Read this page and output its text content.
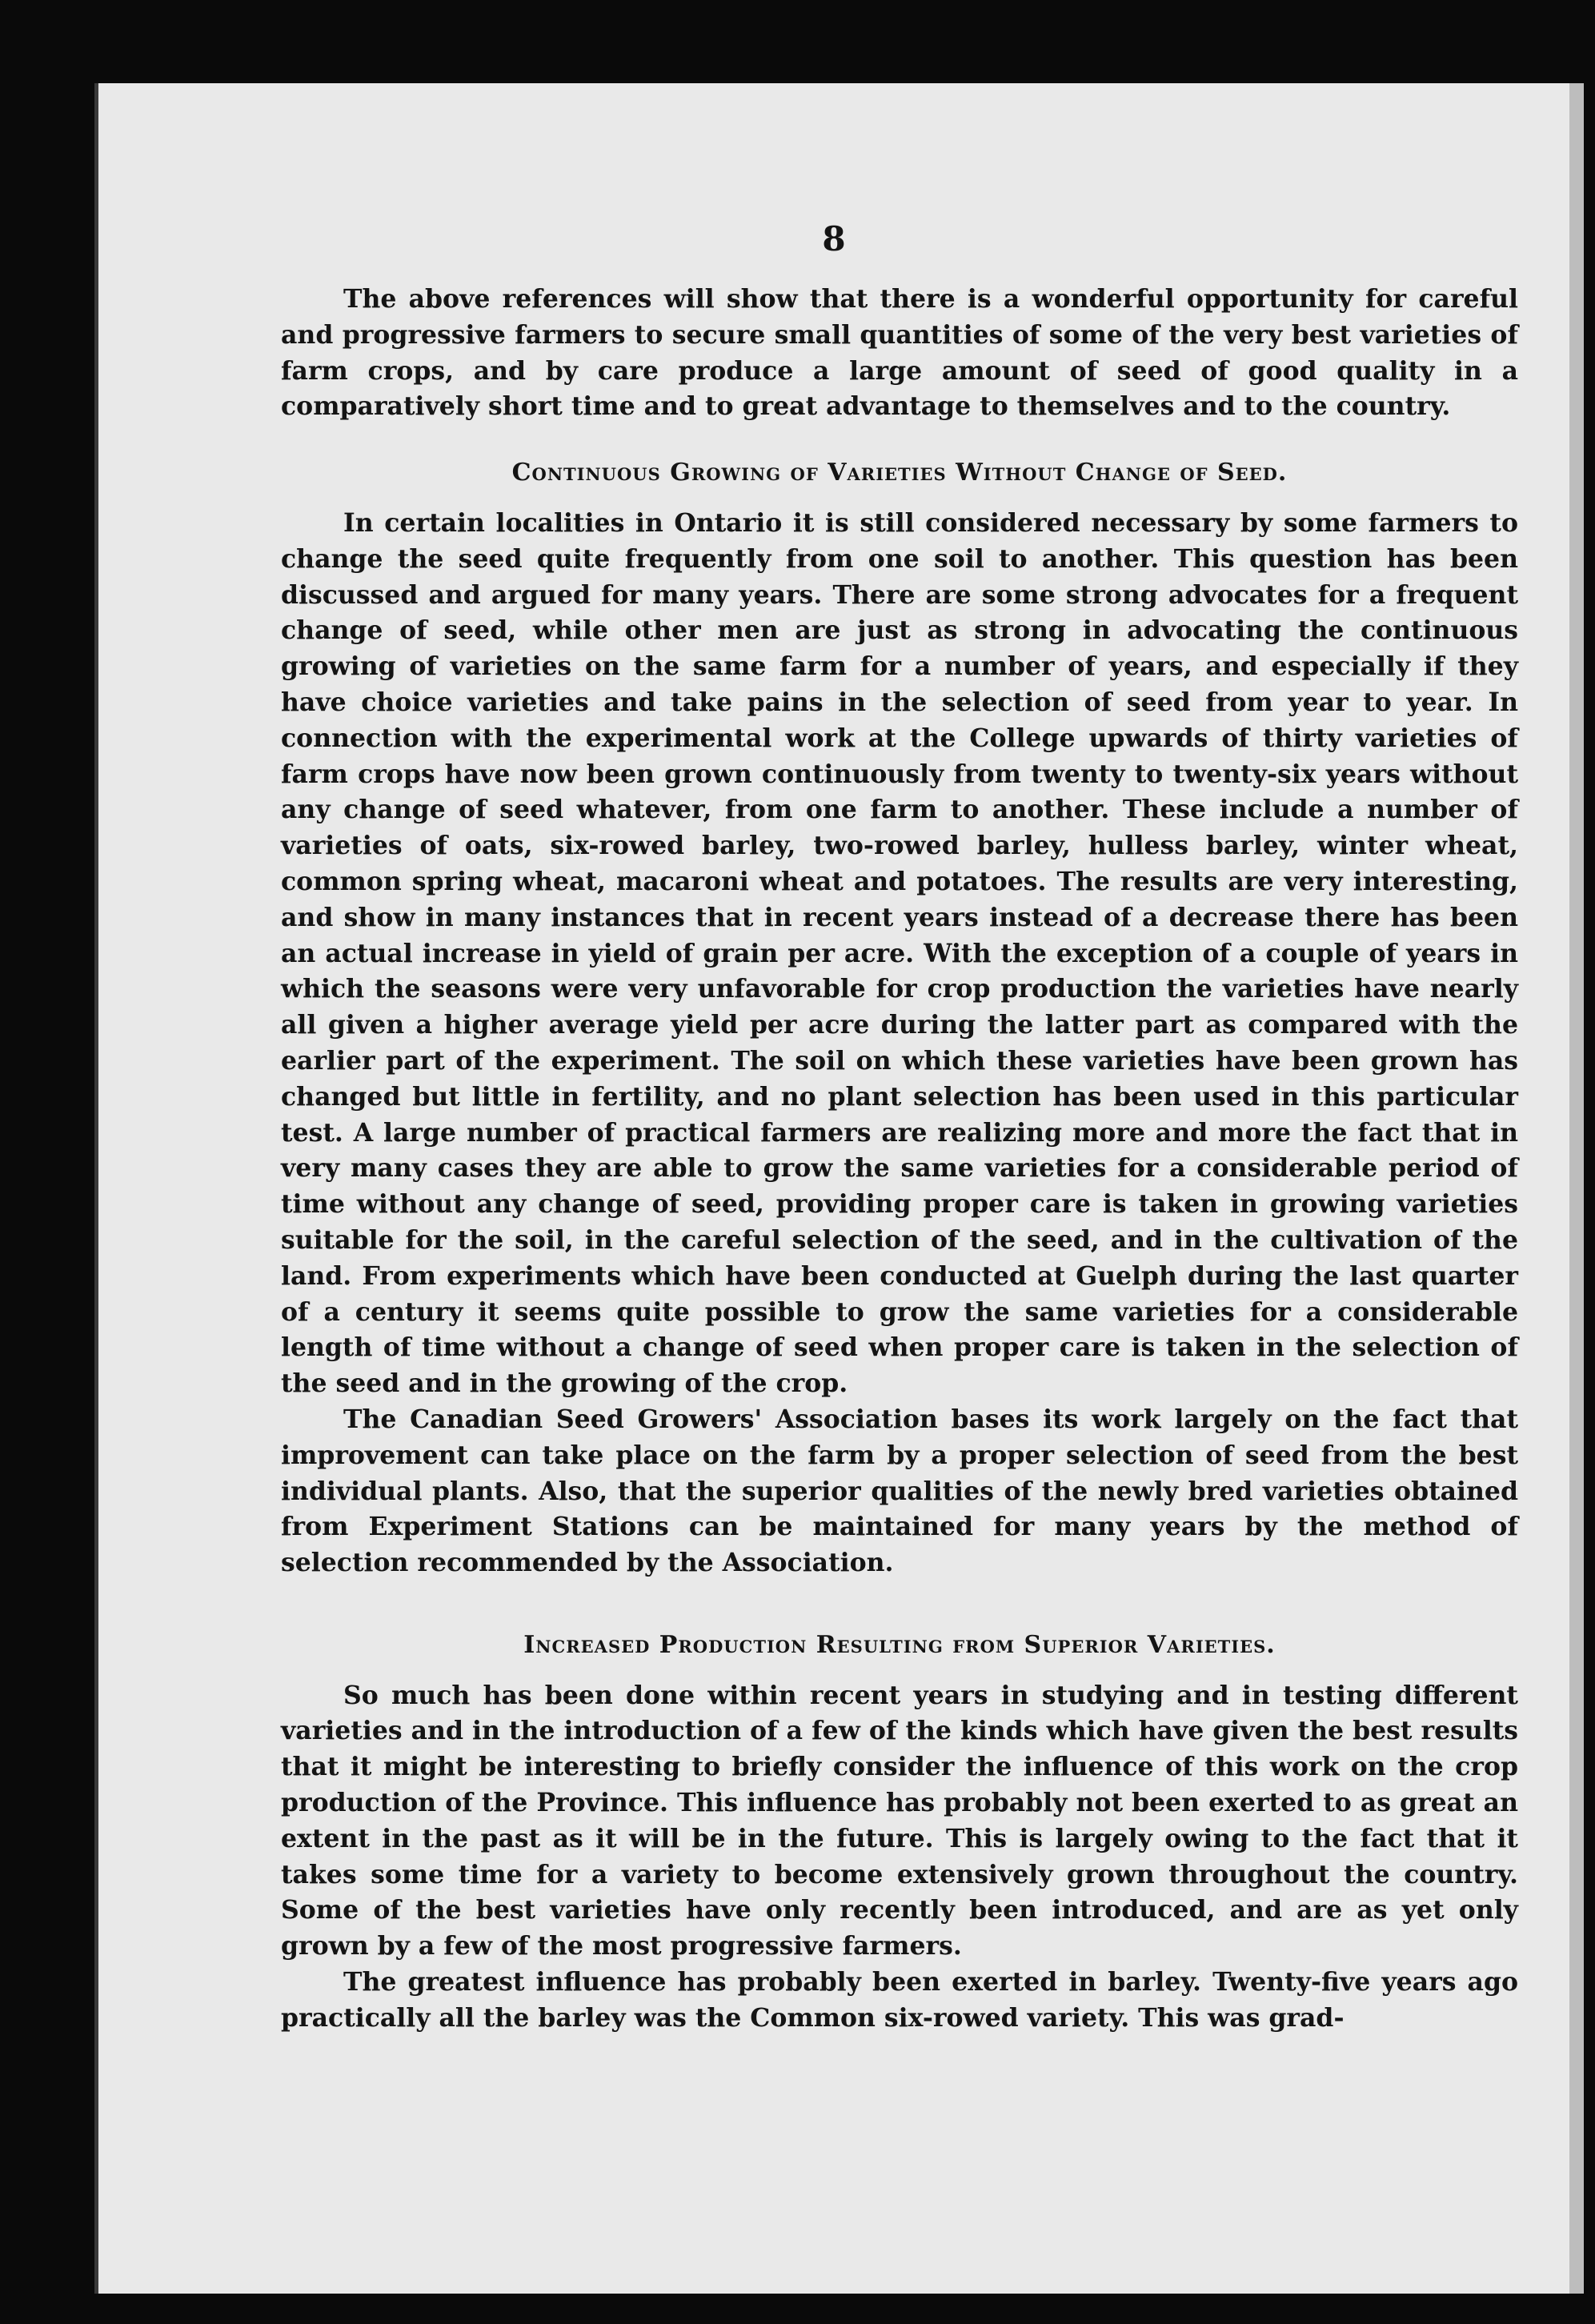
8

The above references will show that there is a wonderful opportunity for careful and progressive farmers to secure small quantities of some of the very best varieties of farm crops, and by care produce a large amount of seed of good quality in a comparatively short time and to great advantage to themselves and to the country.

Continuous Growing of Varieties Without Change of Seed.

In certain localities in Ontario it is still considered necessary by some farmers to change the seed quite frequently from one soil to another. This question has been discussed and argued for many years. There are some strong advocates for a frequent change of seed, while other men are just as strong in advocating the continuous growing of varieties on the same farm for a number of years, and especially if they have choice varieties and take pains in the selection of seed from year to year. In connection with the experimental work at the College upwards of thirty varieties of farm crops have now been grown continuously from twenty to twenty-six years without any change of seed whatever, from one farm to another. These include a number of varieties of oats, six-rowed barley, two-rowed barley, hulless barley, winter wheat, common spring wheat, macaroni wheat and potatoes. The results are very interesting, and show in many instances that in recent years instead of a decrease there has been an actual increase in yield of grain per acre. With the exception of a couple of years in which the seasons were very unfavorable for crop production the varieties have nearly all given a higher average yield per acre during the latter part as compared with the earlier part of the experiment. The soil on which these varieties have been grown has changed but little in fertility, and no plant selection has been used in this particular test. A large number of practical farmers are realizing more and more the fact that in very many cases they are able to grow the same varieties for a considerable period of time without any change of seed, providing proper care is taken in growing varieties suitable for the soil, in the careful selection of the seed, and in the cultivation of the land. From experiments which have been conducted at Guelph during the last quarter of a century it seems quite possible to grow the same varieties for a considerable length of time without a change of seed when proper care is taken in the selection of the seed and in the growing of the crop.

The Canadian Seed Growers' Association bases its work largely on the fact that improvement can take place on the farm by a proper selection of seed from the best individual plants. Also, that the superior qualities of the newly bred varieties obtained from Experiment Stations can be maintained for many years by the method of selection recommended by the Association.

Increased Production Resulting from Superior Varieties.

So much has been done within recent years in studying and in testing different varieties and in the introduction of a few of the kinds which have given the best results that it might be interesting to briefly consider the influence of this work on the crop production of the Province. This influence has probably not been exerted to as great an extent in the past as it will be in the future. This is largely owing to the fact that it takes some time for a variety to become extensively grown throughout the country. Some of the best varieties have only recently been introduced, and are as yet only grown by a few of the most progressive farmers.

The greatest influence has probably been exerted in barley. Twenty-five years ago practically all the barley was the Common six-rowed variety. This was grad-
